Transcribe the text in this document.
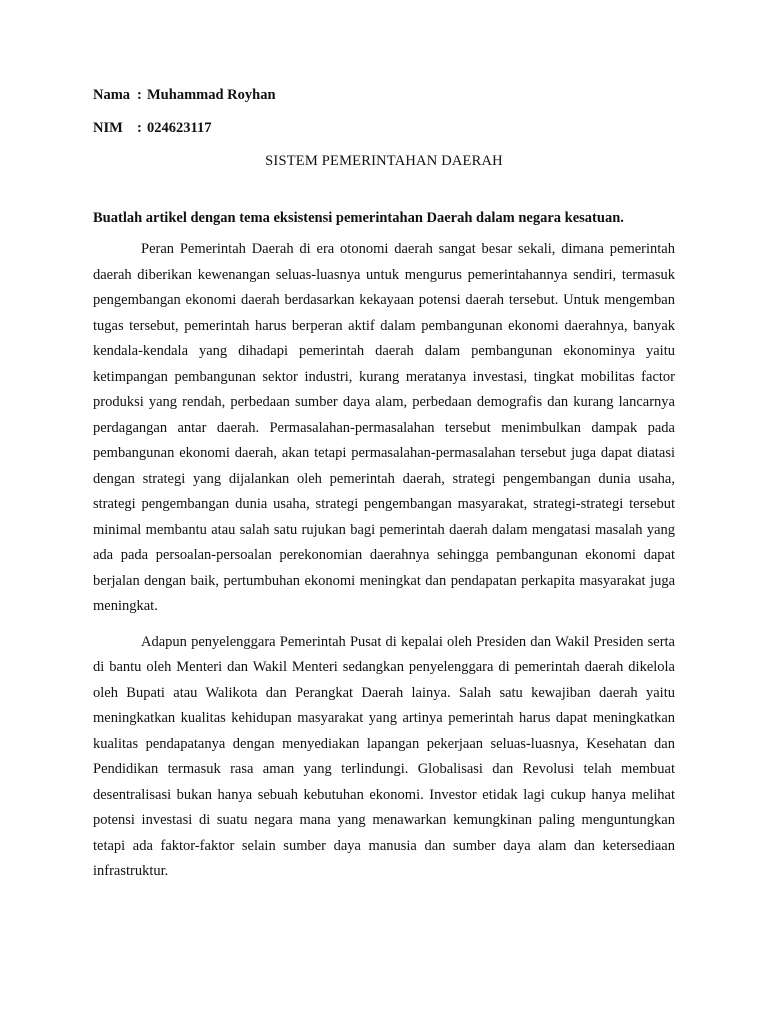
Nama : Muhammad Royhan
NIM : 024623117
SISTEM PEMERINTAHAN DAERAH
Buatlah artikel dengan tema eksistensi pemerintahan Daerah dalam negara kesatuan.

Peran Pemerintah Daerah di era otonomi daerah sangat besar sekali, dimana pemerintah daerah diberikan kewenangan seluas-luasnya untuk mengurus pemerintahannya sendiri, termasuk pengembangan ekonomi daerah berdasarkan kekayaan potensi daerah tersebut. Untuk mengemban tugas tersebut, pemerintah harus berperan aktif dalam pembangunan ekonomi daerahnya, banyak kendala-kendala yang dihadapi pemerintah daerah dalam pembangunan ekonominya yaitu ketimpangan pembangunan sektor industri, kurang meratanya investasi, tingkat mobilitas factor produksi yang rendah, perbedaan sumber daya alam, perbedaan demografis dan kurang lancarnya perdagangan antar daerah. Permasalahan-permasalahan tersebut menimbulkan dampak pada pembangunan ekonomi daerah, akan tetapi permasalahan-permasalahan tersebut juga dapat diatasi dengan strategi yang dijalankan oleh pemerintah daerah, strategi pengembangan dunia usaha, strategi pengembangan dunia usaha, strategi pengembangan masyarakat, strategi-strategi tersebut minimal membantu atau salah satu rujukan bagi pemerintah daerah dalam mengatasi masalah yang ada pada persoalan-persoalan perekonomian daerahnya sehingga pembangunan ekonomi dapat berjalan dengan baik, pertumbuhan ekonomi meningkat dan pendapatan perkapita masyarakat juga meningkat.

Adapun penyelenggara Pemerintah Pusat di kepalai oleh Presiden dan Wakil Presiden serta di bantu oleh Menteri dan Wakil Menteri sedangkan penyelenggara di pemerintah daerah dikelola oleh Bupati atau Walikota dan Perangkat Daerah lainya. Salah satu kewajiban daerah yaitu meningkatkan kualitas kehidupan masyarakat yang artinya pemerintah harus dapat meningkatkan kualitas pendapatanya dengan menyediakan lapangan pekerjaan seluas-luasnya, Kesehatan dan Pendidikan termasuk rasa aman yang terlindungi. Globalisasi dan Revolusi telah membuat desentralisasi bukan hanya sebuah kebutuhan ekonomi. Investor etidak lagi cukup hanya melihat potensi investasi di suatu negara mana yang menawarkan kemungkinan paling menguntungkan tetapi ada faktor-faktor selain sumber daya manusia dan sumber daya alam dan ketersediaan infrastruktur.
